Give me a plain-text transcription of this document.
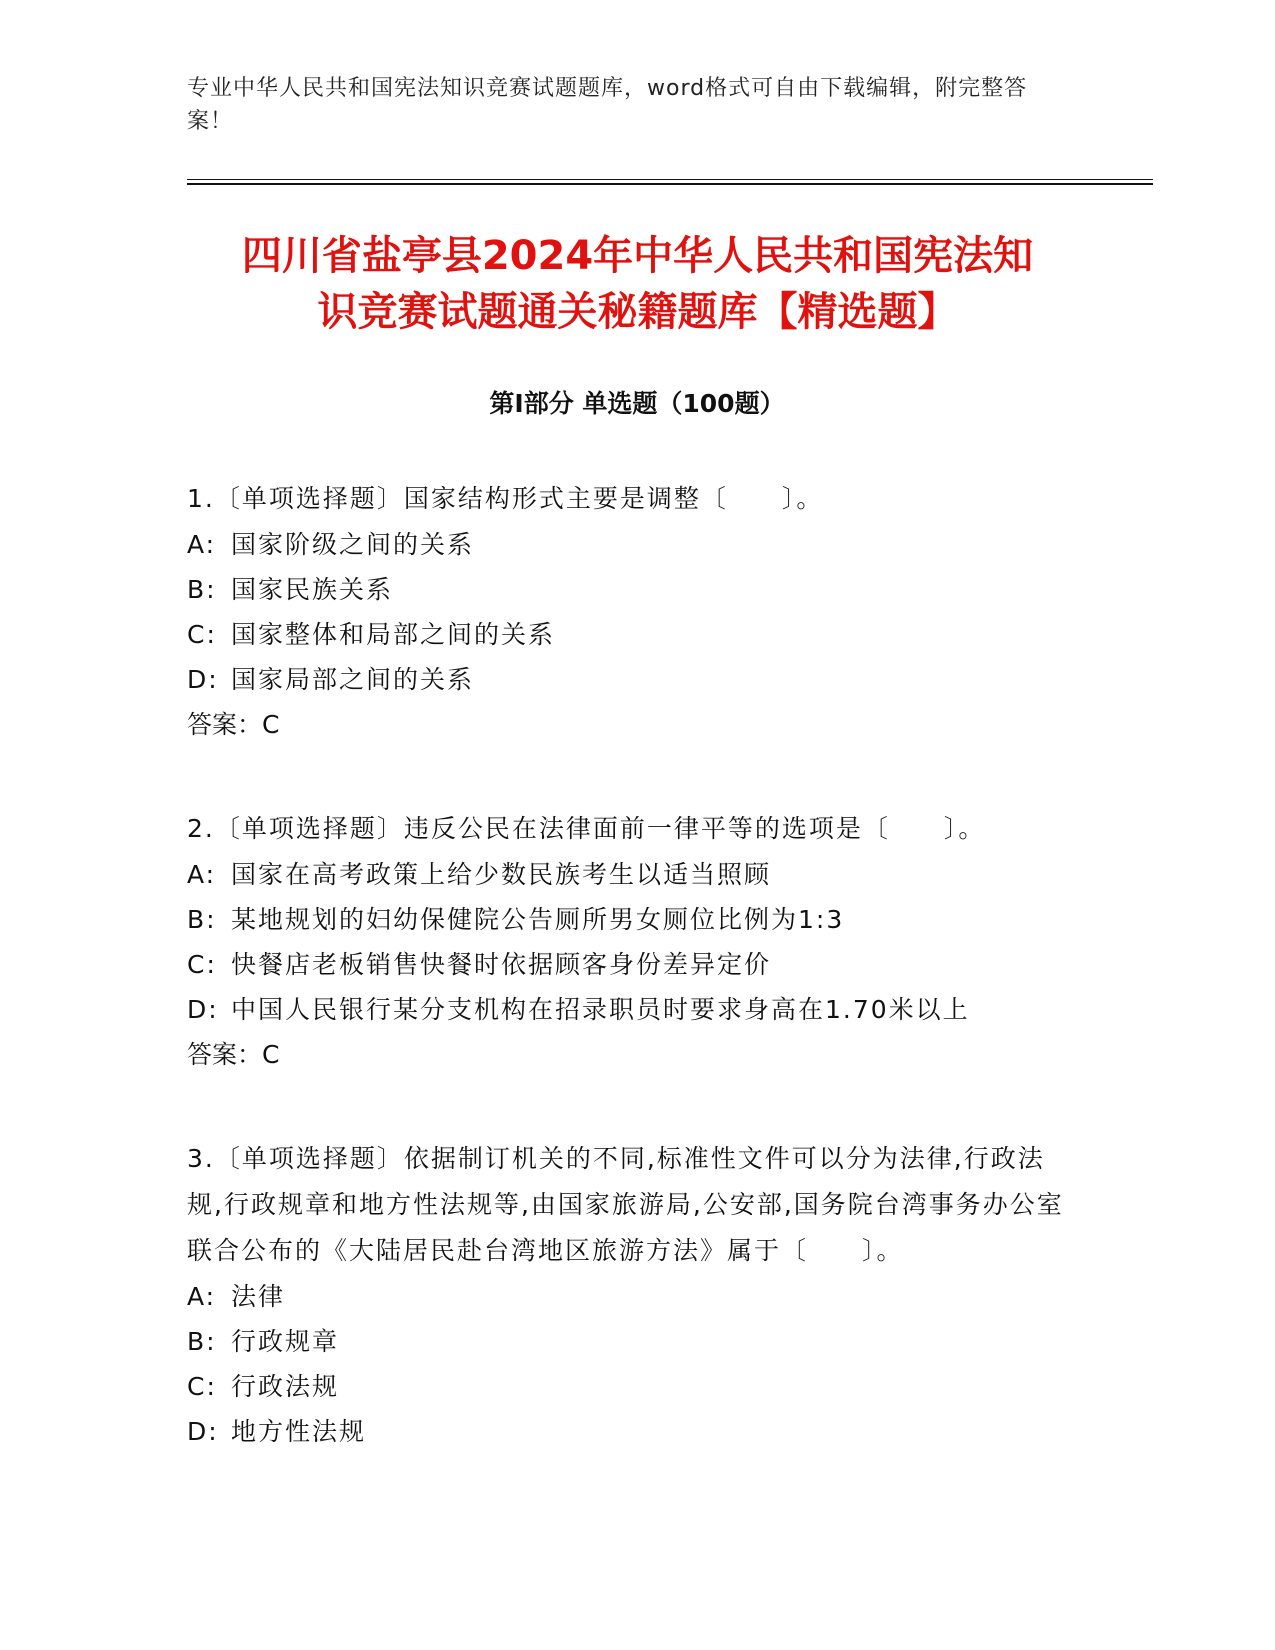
专业中华人民共和国宪法知识竞赛试题题库，word格式可自由下载编辑，附完整答案！
四川省盐亭县2024年中华人民共和国宪法知
识竞赛试题通关秘籍题库【精选题】
第Ⅰ部分 单选题（100题）

1.〔单项选择题〕国家结构形式主要是调整〔　　〕。

A: 国家阶级之间的关系

B: 国家民族关系

C: 国家整体和局部之间的关系

D: 国家局部之间的关系

答案：C

2.〔单项选择题〕违反公民在法律面前一律平等的选项是〔　　〕。

A: 国家在高考政策上给少数民族考生以适当照顾

B: 某地规划的妇幼保健院公告厕所男女厕位比例为1:3

C: 快餐店老板销售快餐时依据顾客身份差异定价

D: 中国人民银行某分支机构在招录职员时要求身高在1.70米以上

答案：C

3.〔单项选择题〕依据制订机关的不同,标准性文件可以分为法律,行政法规,行政规章和地方性法规等,由国家旅游局,公安部,国务院台湾事务办公室联合公布的《大陆居民赴台湾地区旅游方法》属于〔　　〕。

A: 法律

B: 行政规章

C: 行政法规

D: 地方性法规
